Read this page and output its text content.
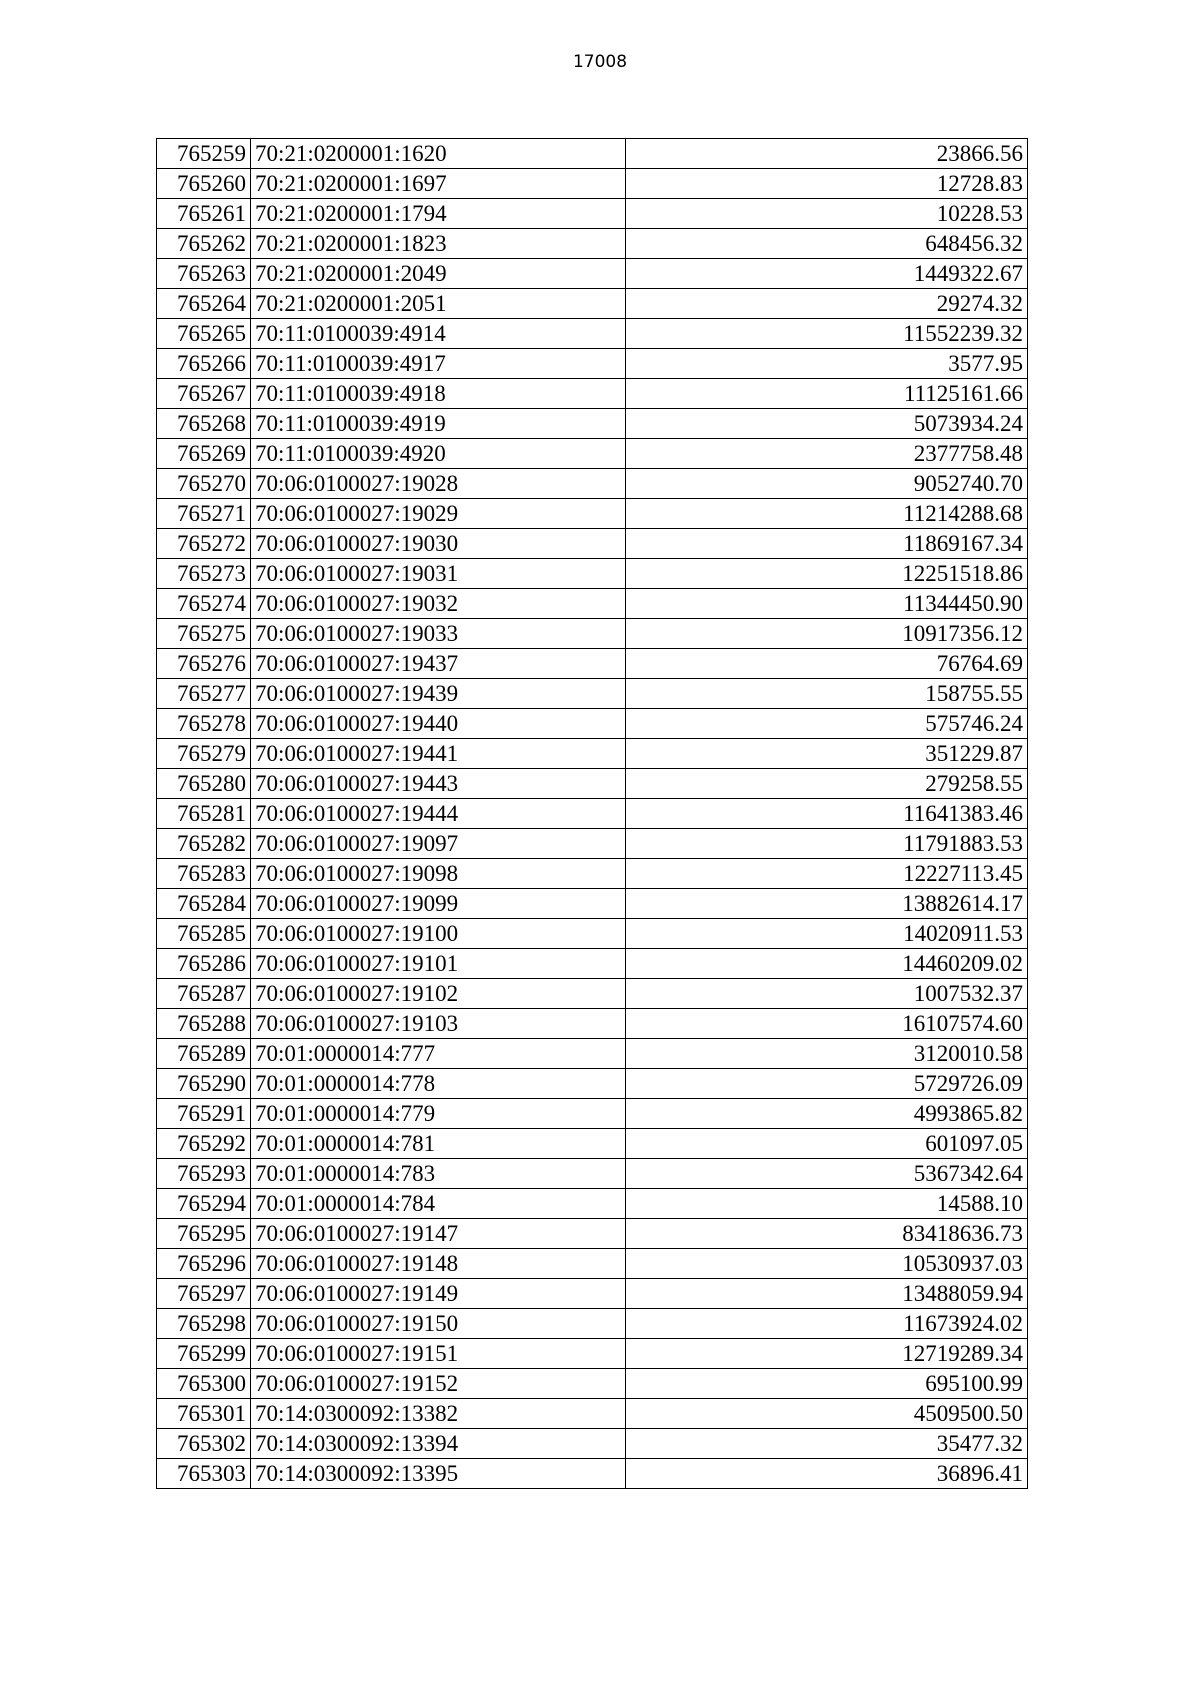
17008
765259	70:21:0200001:1620	23866.56
765260	70:21:0200001:1697	12728.83
765261	70:21:0200001:1794	10228.53
765262	70:21:0200001:1823	648456.32
765263	70:21:0200001:2049	1449322.67
765264	70:21:0200001:2051	29274.32
765265	70:11:0100039:4914	11552239.32
765266	70:11:0100039:4917	3577.95
765267	70:11:0100039:4918	11125161.66
765268	70:11:0100039:4919	5073934.24
765269	70:11:0100039:4920	2377758.48
765270	70:06:0100027:19028	9052740.70
765271	70:06:0100027:19029	11214288.68
765272	70:06:0100027:19030	11869167.34
765273	70:06:0100027:19031	12251518.86
765274	70:06:0100027:19032	11344450.90
765275	70:06:0100027:19033	10917356.12
765276	70:06:0100027:19437	76764.69
765277	70:06:0100027:19439	158755.55
765278	70:06:0100027:19440	575746.24
765279	70:06:0100027:19441	351229.87
765280	70:06:0100027:19443	279258.55
765281	70:06:0100027:19444	11641383.46
765282	70:06:0100027:19097	11791883.53
765283	70:06:0100027:19098	12227113.45
765284	70:06:0100027:19099	13882614.17
765285	70:06:0100027:19100	14020911.53
765286	70:06:0100027:19101	14460209.02
765287	70:06:0100027:19102	1007532.37
765288	70:06:0100027:19103	16107574.60
765289	70:01:0000014:777	3120010.58
765290	70:01:0000014:778	5729726.09
765291	70:01:0000014:779	4993865.82
765292	70:01:0000014:781	601097.05
765293	70:01:0000014:783	5367342.64
765294	70:01:0000014:784	14588.10
765295	70:06:0100027:19147	83418636.73
765296	70:06:0100027:19148	10530937.03
765297	70:06:0100027:19149	13488059.94
765298	70:06:0100027:19150	11673924.02
765299	70:06:0100027:19151	12719289.34
765300	70:06:0100027:19152	695100.99
765301	70:14:0300092:13382	4509500.50
765302	70:14:0300092:13394	35477.32
765303	70:14:0300092:13395	36896.41
